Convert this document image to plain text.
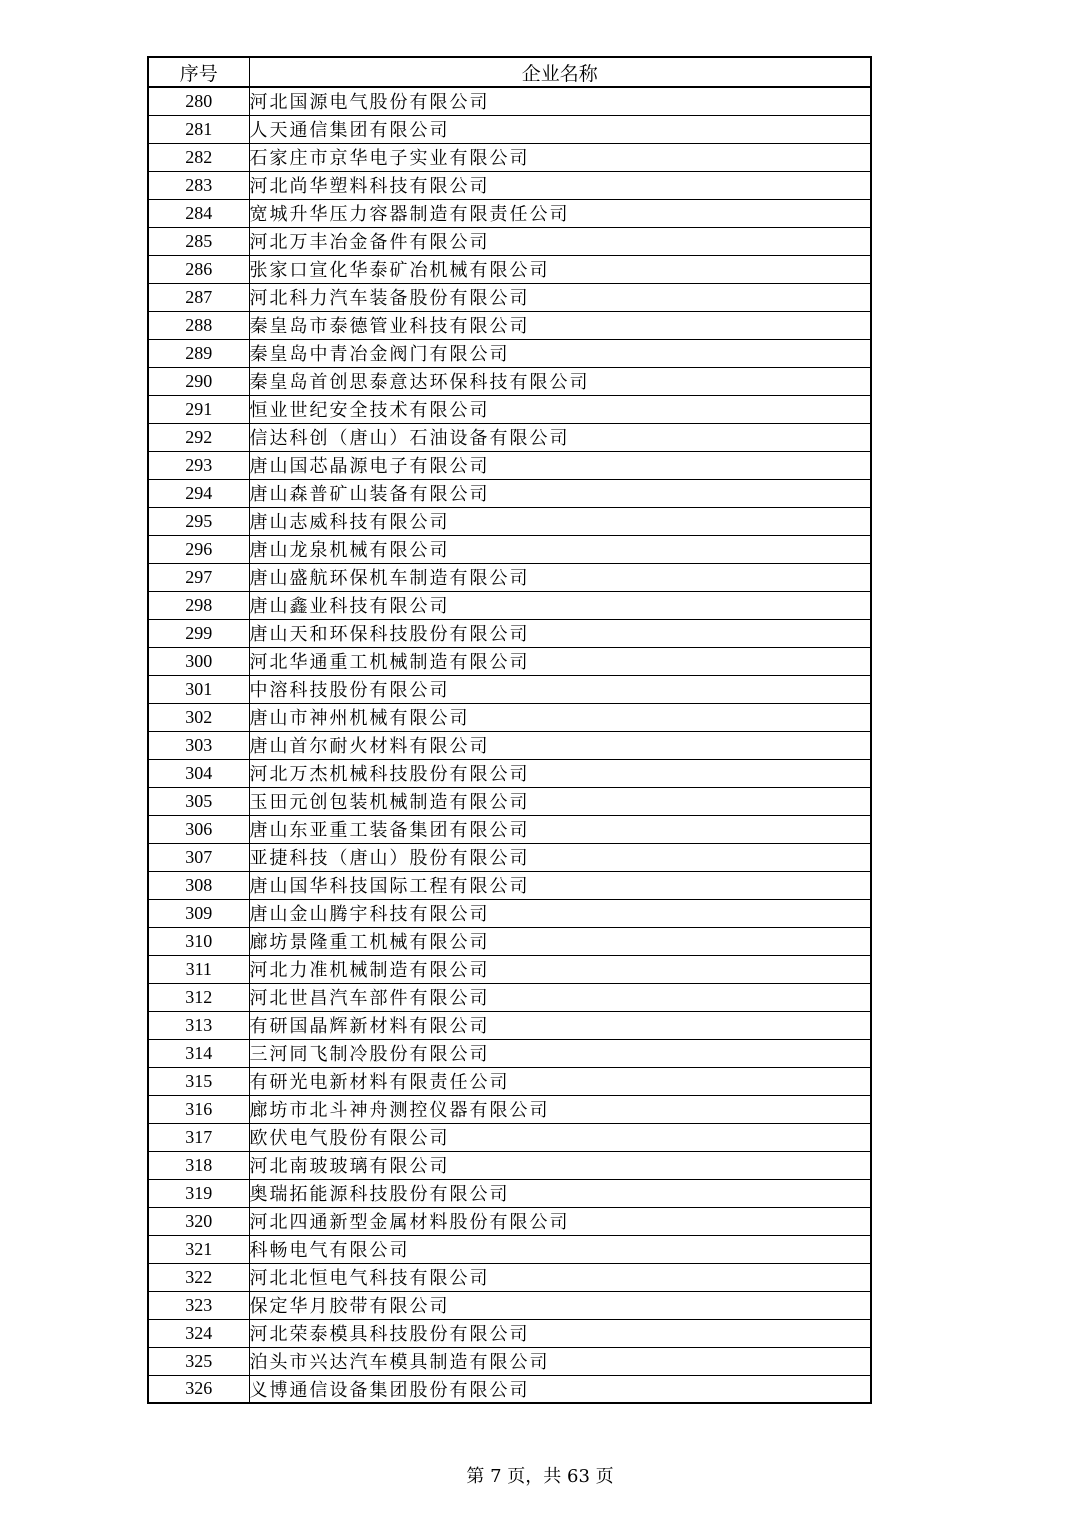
序号	企业名称
280	河北国源电气股份有限公司
281	人天通信集团有限公司
282	石家庄市京华电子实业有限公司
283	河北尚华塑料科技有限公司
284	宽城升华压力容器制造有限责任公司
285	河北万丰冶金备件有限公司
286	张家口宣化华泰矿冶机械有限公司
287	河北科力汽车装备股份有限公司
288	秦皇岛市泰德管业科技有限公司
289	秦皇岛中青冶金阀门有限公司
290	秦皇岛首创思泰意达环保科技有限公司
291	恒业世纪安全技术有限公司
292	信达科创（唐山）石油设备有限公司
293	唐山国芯晶源电子有限公司
294	唐山森普矿山装备有限公司
295	唐山志威科技有限公司
296	唐山龙泉机械有限公司
297	唐山盛航环保机车制造有限公司
298	唐山鑫业科技有限公司
299	唐山天和环保科技股份有限公司
300	河北华通重工机械制造有限公司
301	中溶科技股份有限公司
302	唐山市神州机械有限公司
303	唐山首尔耐火材料有限公司
304	河北万杰机械科技股份有限公司
305	玉田元创包装机械制造有限公司
306	唐山东亚重工装备集团有限公司
307	亚捷科技（唐山）股份有限公司
308	唐山国华科技国际工程有限公司
309	唐山金山腾宇科技有限公司
310	廊坊景隆重工机械有限公司
311	河北力准机械制造有限公司
312	河北世昌汽车部件有限公司
313	有研国晶辉新材料有限公司
314	三河同飞制冷股份有限公司
315	有研光电新材料有限责任公司
316	廊坊市北斗神舟测控仪器有限公司
317	欧伏电气股份有限公司
318	河北南玻玻璃有限公司
319	奥瑞拓能源科技股份有限公司
320	河北四通新型金属材料股份有限公司
321	科畅电气有限公司
322	河北北恒电气科技有限公司
323	保定华月胶带有限公司
324	河北荣泰模具科技股份有限公司
325	泊头市兴达汽车模具制造有限公司
326	义博通信设备集团股份有限公司
第 7 页，共 63 页
